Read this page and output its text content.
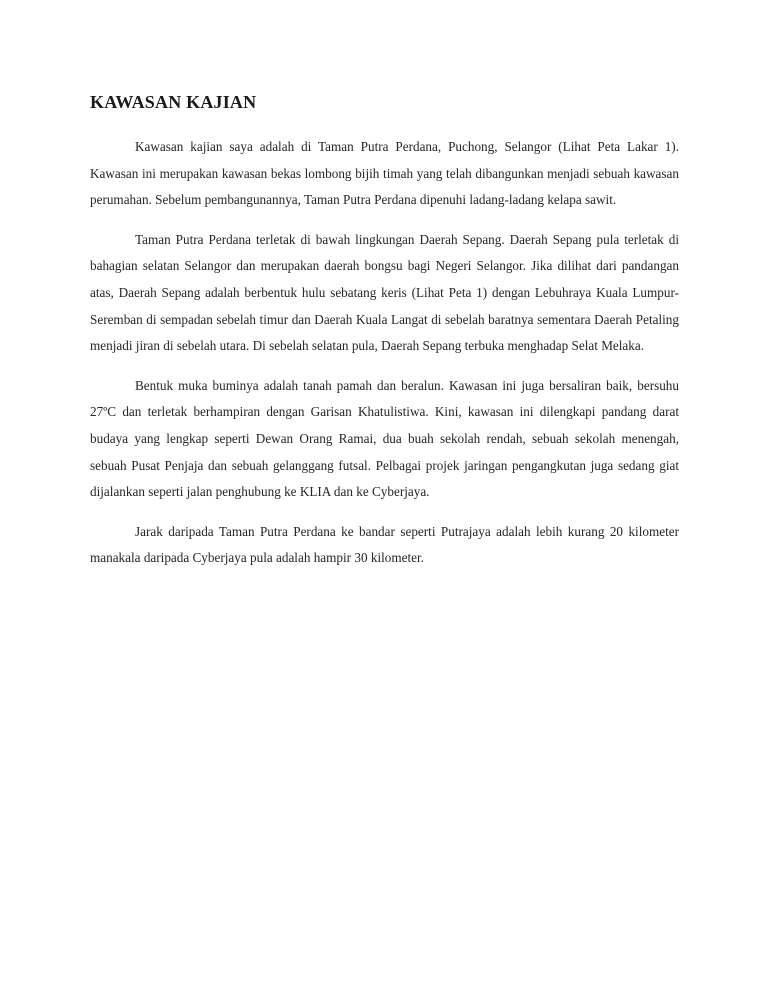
KAWASAN KAJIAN

Kawasan kajian saya adalah di Taman Putra Perdana, Puchong, Selangor (Lihat Peta Lakar 1). Kawasan ini merupakan kawasan bekas lombong bijih timah yang telah dibangunkan menjadi sebuah kawasan perumahan. Sebelum pembangunannya, Taman Putra Perdana dipenuhi ladang-ladang kelapa sawit.

Taman Putra Perdana terletak di bawah lingkungan Daerah Sepang. Daerah Sepang pula terletak di bahagian selatan Selangor dan merupakan daerah bongsu bagi Negeri Selangor. Jika dilihat dari pandangan atas, Daerah Sepang adalah berbentuk hulu sebatang keris (Lihat Peta 1) dengan Lebuhraya Kuala Lumpur-Seremban di sempadan sebelah timur dan Daerah Kuala Langat di sebelah baratnya sementara Daerah Petaling menjadi jiran di sebelah utara. Di sebelah selatan pula, Daerah Sepang terbuka menghadap Selat Melaka.

Bentuk muka buminya adalah tanah pamah dan beralun. Kawasan ini juga bersaliran baik, bersuhu 27ºC dan terletak berhampiran dengan Garisan Khatulistiwa. Kini, kawasan ini dilengkapi pandang darat budaya yang lengkap seperti Dewan Orang Ramai, dua buah sekolah rendah, sebuah sekolah menengah, sebuah Pusat Penjaja dan sebuah gelanggang futsal. Pelbagai projek jaringan pengangkutan juga sedang giat dijalankan seperti jalan penghubung ke KLIA dan ke Cyberjaya.

Jarak daripada Taman Putra Perdana ke bandar seperti Putrajaya adalah lebih kurang 20 kilometer manakala daripada Cyberjaya pula adalah hampir 30 kilometer.
